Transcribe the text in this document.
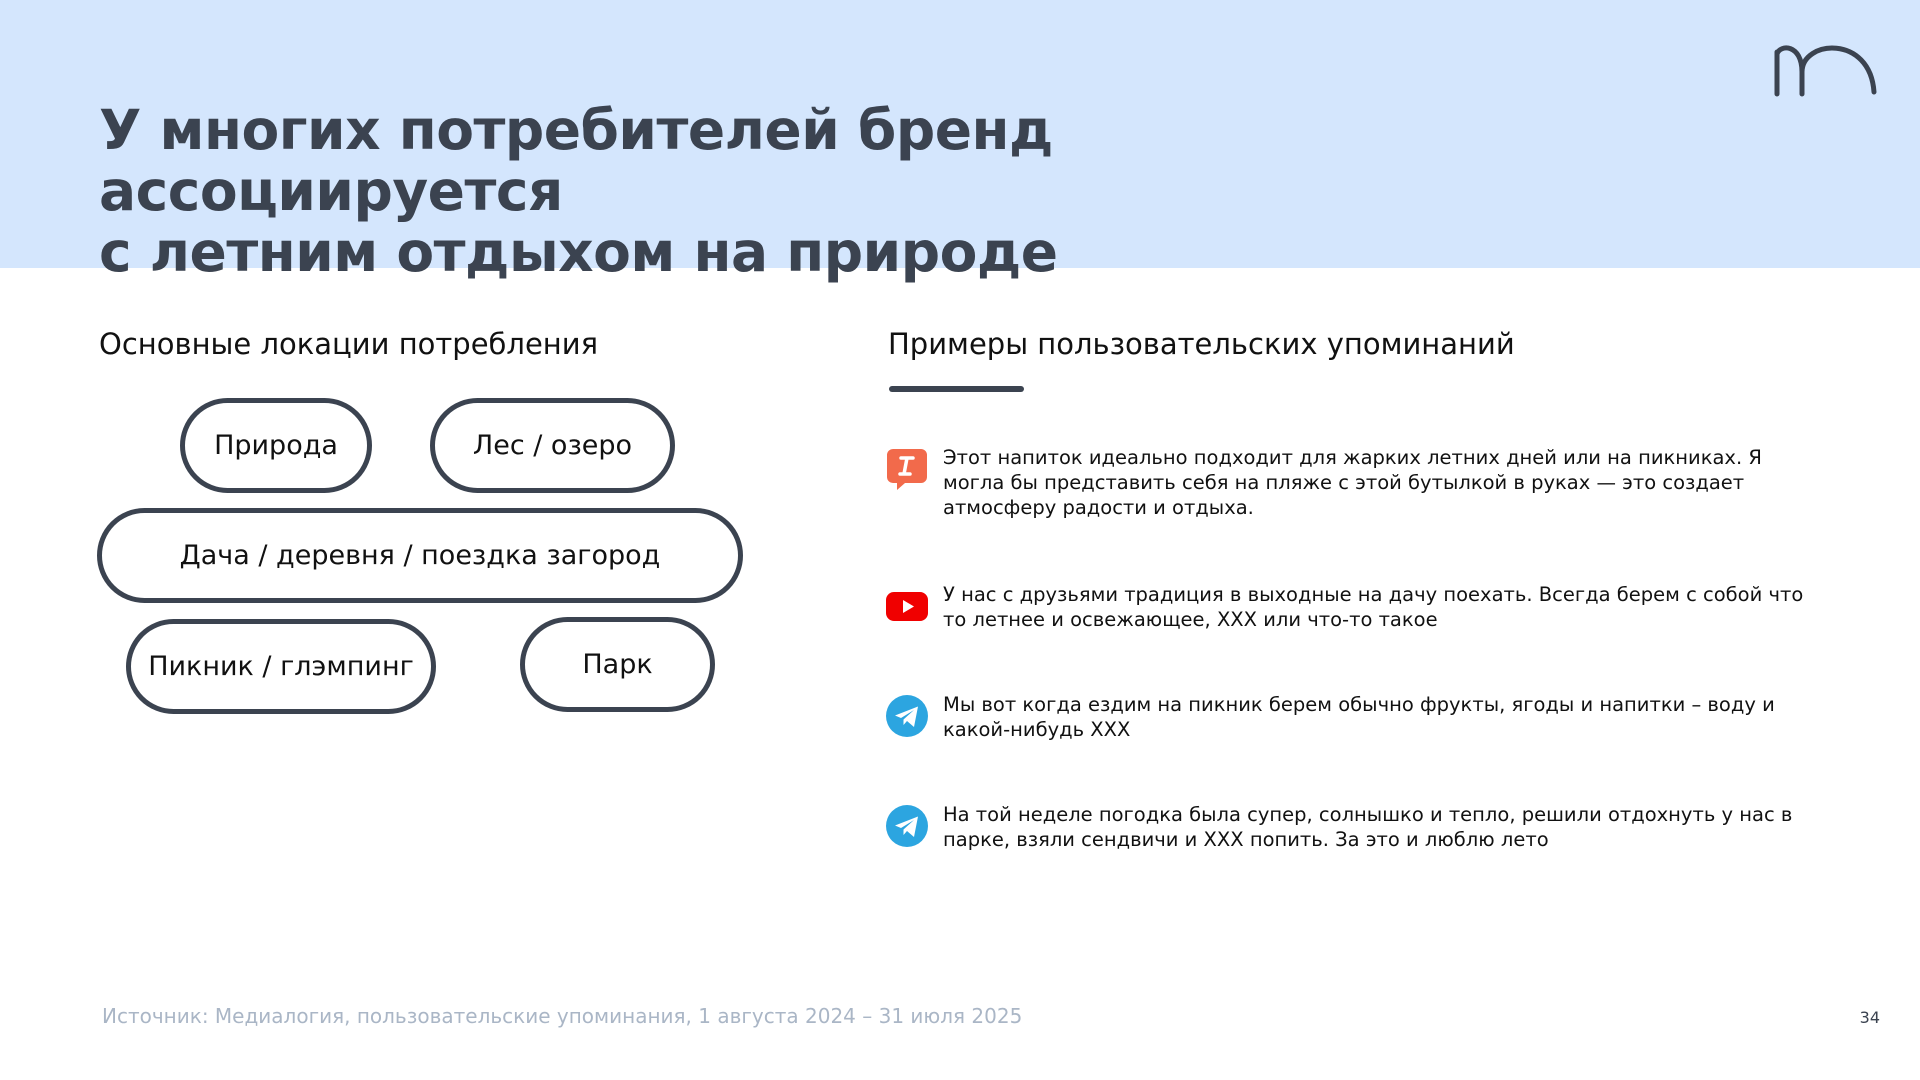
У многих потребителей бренд ассоциируется
с летним отдыхом на природе
Основные локации потребления
Природа	Лес / озеро
Дача / деревня / поездка загород
Пикник / глэмпинг	Парк
Примеры пользовательских упоминаний

Этот напиток идеально подходит для жарких летних дней или на пикниках. Я могла бы представить себя на пляже с этой бутылкой в руках — это создает атмосферу радости и отдыха.

У нас с друзьями традиция в выходные на дачу поехать. Всегда берем с собой что то летнее и освежающее, ХХХ или что-то такое

Мы вот когда ездим на пикник берем обычно фрукты, ягоды и напитки – воду и какой-нибудь ХХХ

На той неделе погодка была супер, солнышко и тепло, решили отдохнуть у нас в парке, взяли сендвичи и ХХХ попить. За это и люблю лето

Источник: Медиалогия, пользовательские упоминания, 1 августа 2024 – 31 июля 2025	34
